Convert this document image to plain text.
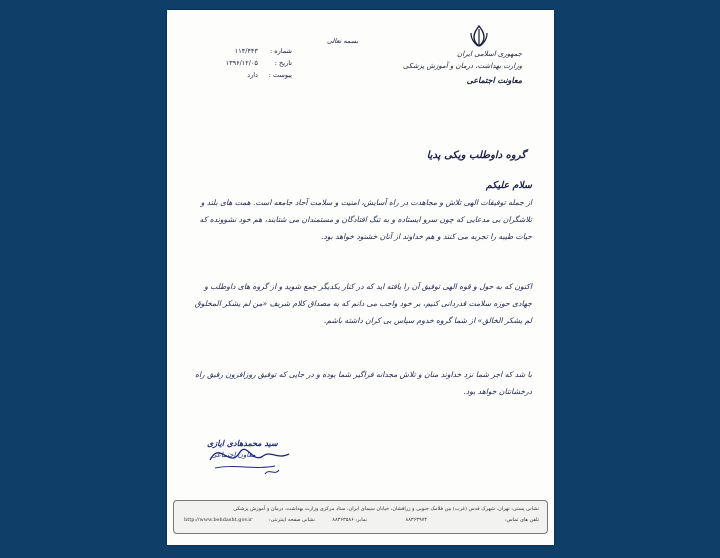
جمهوری اسلامی ایران
وزارت بهداشت، درمان و آموزش پزشکی
معاونت اجتماعی
بسمه تعالی
شماره : ۱۱۴/۴۴۳
تاریخ : ۱۳۹۶/۱۲/۰۵
پیوست : دارد
گروه داوطلب ویکی پدیا
سلام علیکم
از جمله توفیقات الهی تلاش و مجاهدت در راه آسایش، امنیت و سلامت آحاد جامعه است. همت های بلند و تلاشگران بی مدعایی که چون سرو ایستاده و به تنگ افتادگان و مستمندان می شتابند، هم خود نشوونده که حیات طیبه را تجربه می کنند و هم خداوند از آنان خشنود خواهد بود.
اکنون که به حول و قوه الهی توفیق آن را یافته اید که در کنار یکدیگر جمع شوید و از گروه های داوطلب و جهادی حوزه سلامت قدردانی کنیم، بر خود واجب می دانم که به مصداق کلام شریف «من لم یشکر المخلوق لم یشکر الخالق» از شما گروه خدوم سپاس بی کران داشته باشم.
با شد که اجر شما نزد خداوند منان و تلاش مجدانه فراگیر شما بوده و در جایی که توفیق روزافزون رفیق راه درخشانتان خواهد بود.
سید محمدهادی ایازی
معاون اجتماعی
نشانی پستی: تهران، شهرک قدس (غرب) بین فلامک جنوبی و زرافشان، خیابان سیمای ایران، ستاد مرکزی وزارت بهداشت، درمان و آموزش پزشکی
تلفن های تماس:
۸۸۳۶۳۹۷۴
نمابر: ۸۸۳۶۳۵۸۶
نشانی صفحه اینترنتی:
http://www.behdasht.gov.ir
